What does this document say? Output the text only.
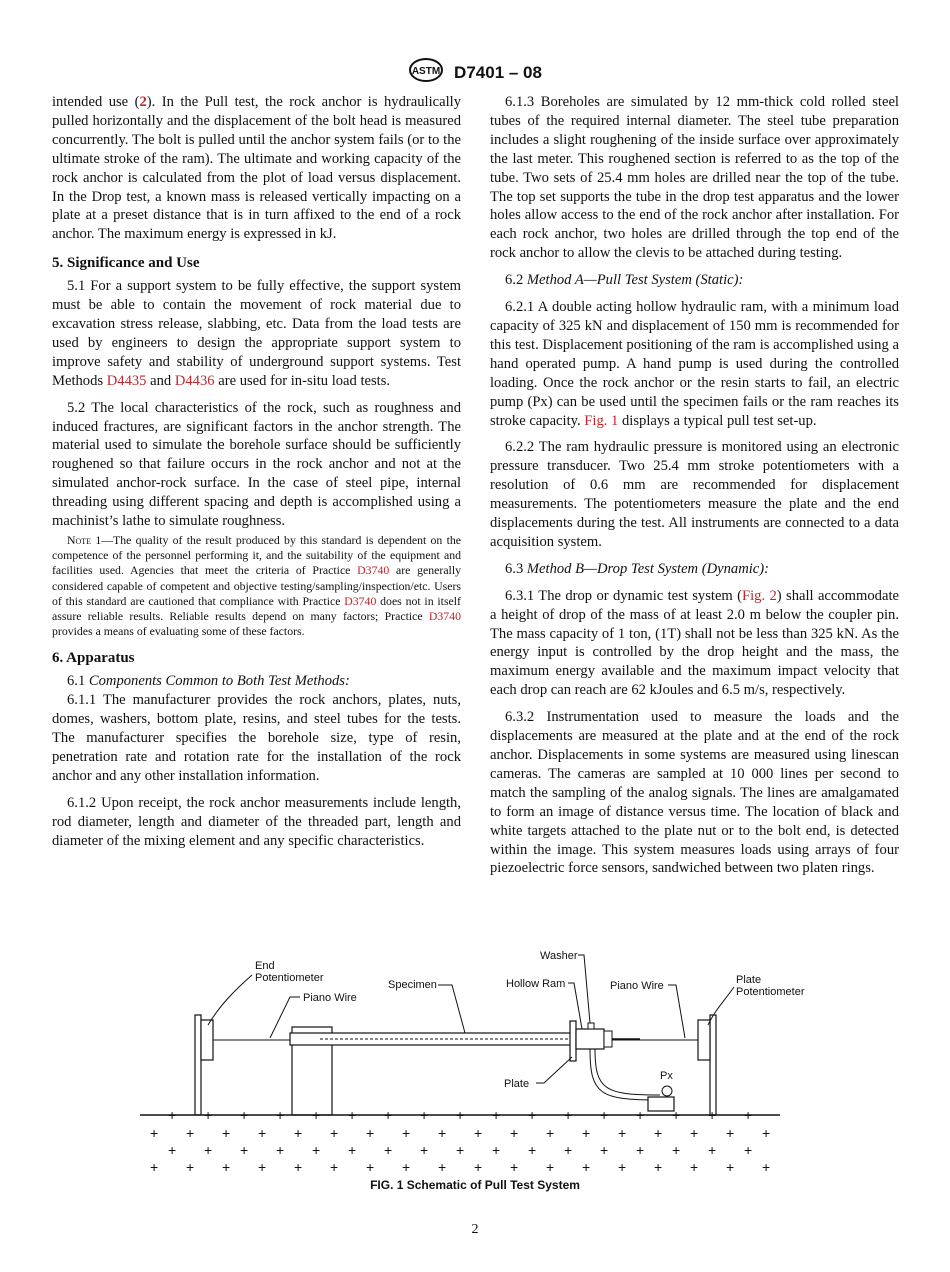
ASTM D7401 – 08

intended use (2). In the Pull test, the rock anchor is hydraulically pulled horizontally and the displacement of the bolt head is measured concurrently. The bolt is pulled until the anchor system fails (or to the ultimate stroke of the ram). The ultimate and working capacity of the rock anchor is calculated from the plot of load versus displacement. In the Drop test, a known mass is released vertically impacting on a plate at a preset distance that is in turn affixed to the end of a rock anchor. The maximum energy is expressed in kJ.

5. Significance and Use

5.1 For a support system to be fully effective, the support system must be able to contain the movement of rock material due to excavation stress release, slabbing, etc. Data from the load tests are used by engineers to design the appropriate support system to improve safety and stability of underground support systems. Test Methods D4435 and D4436 are used for in-situ load tests.

5.2 The local characteristics of the rock, such as roughness and induced fractures, are significant factors in the anchor strength. The material used to simulate the borehole surface should be sufficiently roughened so that failure occurs in the rock anchor and not at the simulated anchor-rock surface. In the case of steel pipe, internal threading using different spacing and depth is accomplished using a machinist’s lathe to simulate roughness.

Note 1—The quality of the result produced by this standard is dependent on the competence of the personnel performing it, and the suitability of the equipment and facilities used. Agencies that meet the criteria of Practice D3740 are generally considered capable of competent and objective testing/sampling/inspection/etc. Users of this standard are cautioned that compliance with Practice D3740 does not in itself assure reliable results. Reliable results depend on many factors; Practice D3740 provides a means of evaluating some of these factors.

6. Apparatus

6.1 Components Common to Both Test Methods:

6.1.1 The manufacturer provides the rock anchors, plates, nuts, domes, washers, bottom plate, resins, and steel tubes for the tests. The manufacturer specifies the borehole size, type of resin, penetration rate and rotation rate for the installation of the rock anchor and any other installation information.

6.1.2 Upon receipt, the rock anchor measurements include length, rod diameter, length and diameter of the threaded part, length and diameter of the mixing element and any specific characteristics.

6.1.3 Boreholes are simulated by 12 mm-thick cold rolled steel tubes of the required internal diameter. The steel tube preparation includes a slight roughening of the inside surface over approximately the last meter. This roughened section is referred to as the top of the tube. Two sets of 25.4 mm holes are drilled near the top of the tube. The top set supports the tube in the drop test apparatus and the lower holes allow access to the end of the rock anchor after installation. For each rock anchor, two holes are drilled through the top end of the rock anchor to allow the clevis to be attached during testing.

6.2 Method A—Pull Test System (Static):

6.2.1 A double acting hollow hydraulic ram, with a minimum load capacity of 325 kN and displacement of 150 mm is recommended for this test. Displacement positioning of the ram is accomplished using a hand operated pump. A hand pump is used during the controlled loading. Once the rock anchor or the resin starts to fail, an electric pump (Px) can be used until the specimen fails or the ram reaches its stroke capacity. Fig. 1 displays a typical pull test set-up.

6.2.2 The ram hydraulic pressure is monitored using an electronic pressure transducer. Two 25.4 mm stroke potentiometers with a resolution of 0.6 mm are recommended for displacement measurements. The potentiometers measure the plate and the end displacements during the test. All instruments are connected to a data acquisition system.

6.3 Method B—Drop Test System (Dynamic):

6.3.1 The drop or dynamic test system (Fig. 2) shall accommodate a height of drop of the mass of at least 2.0 m below the coupler pin. The mass capacity of 1 ton, (1T) shall not be less than 325 kN. As the energy input is controlled by the drop height and the mass, the maximum energy available and the maximum impact velocity that each drop can reach are 62 kJoules and 6.5 m/s, respectively.

6.3.2 Instrumentation used to measure the loads and the displacements are measured at the plate and at the end of the rock anchor. Displacements in some systems are measured using linescan cameras. The cameras are sampled at 10 000 lines per second to match the sampling of the analog signals. The lines are amalgamated to form an image of distance versus time. The location of black and white targets attached to the plate nut or to the bolt end, is detected within the image. This system measures loads using arrays of four piezoelectric force sensors, sandwiched between two platen rings.

+ + + + + + + + + + + + + + + + +
+ + + + + + + + + + + + + + + + + +
+ + + + + + + + + + + + + + + + +
+ + + + + + + + + + + + + + + + + +
End
Potentiometer
Piano Wire
Specimen
Washer
Hollow Ram	Piano Wire	Plate
Potentiometer
Plate
Px
FIG. 1 Schematic of Pull Test System
2
